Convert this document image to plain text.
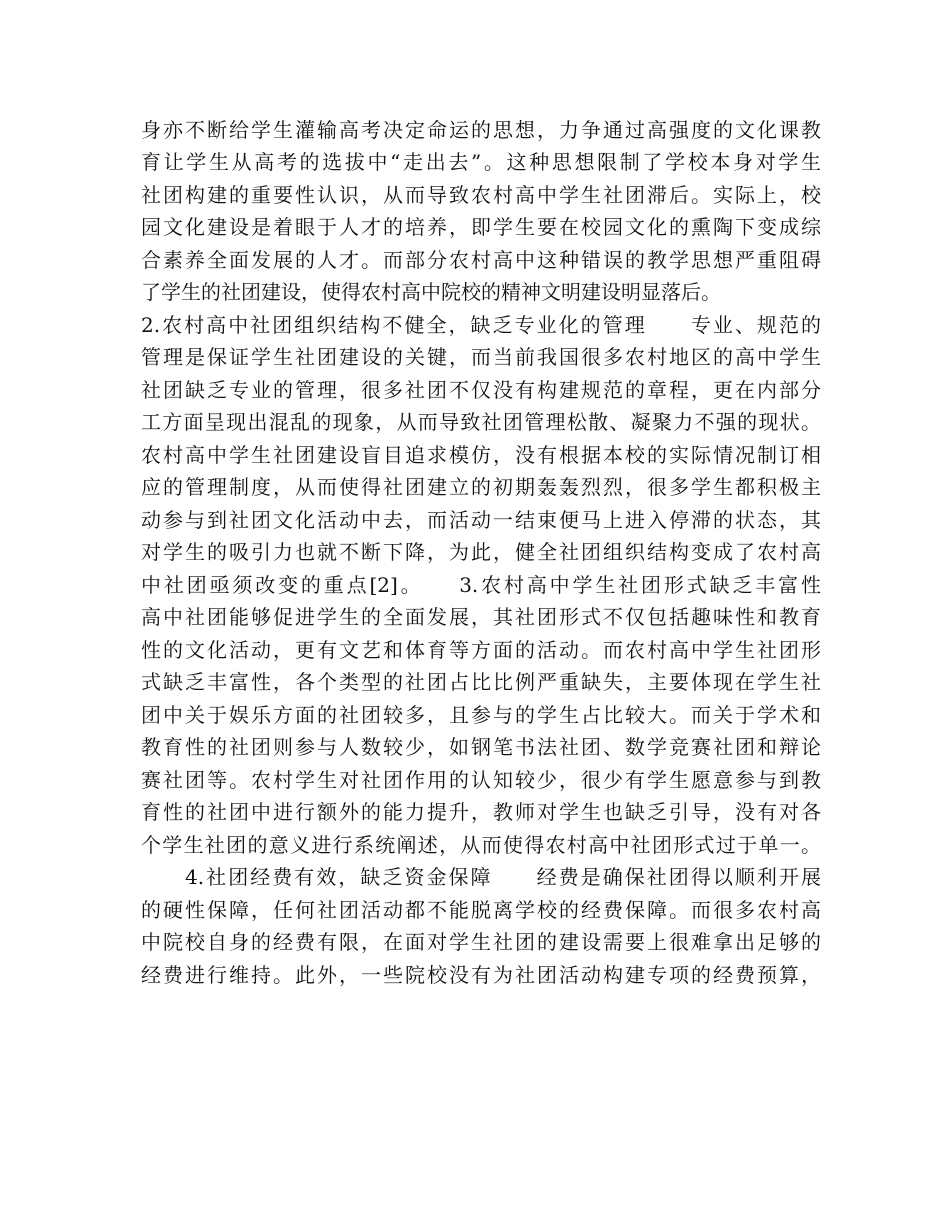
身亦不断给学生灌输高考决定命运的思想，力争通过高强度的文化课教
育让学生从高考的选拔中“走出去”。这种思想限制了学校本身对学生
社团构建的重要性认识，从而导致农村高中学生社团滞后。实际上，校
园文化建设是着眼于人才的培养，即学生要在校园文化的熏陶下变成综
合素养全面发展的人才。而部分农村高中这种错误的教学思想严重阻碍
了学生的社团建设，使得农村高中院校的精神文明建设明显落后。
2.农村高中社团组织结构不健全，缺乏专业化的管理　　专业、规范的
管理是保证学生社团建设的关键，而当前我国很多农村地区的高中学生
社团缺乏专业的管理，很多社团不仅没有构建规范的章程，更在内部分
工方面呈现出混乱的现象，从而导致社团管理松散、凝聚力不强的现状。
农村高中学生社团建设盲目追求模仿，没有根据本校的实际情况制订相
应的管理制度，从而使得社团建立的初期轰轰烈烈，很多学生都积极主
动参与到社团文化活动中去，而活动一结束便马上进入停滞的状态，其
对学生的吸引力也就不断下降，为此，健全社团组织结构变成了农村高
中社团亟须改变的重点[2]。　　3.农村高中学生社团形式缺乏丰富性
高中社团能够促进学生的全面发展，其社团形式不仅包括趣味性和教育
性的文化活动，更有文艺和体育等方面的活动。而农村高中学生社团形
式缺乏丰富性，各个类型的社团占比比例严重缺失，主要体现在学生社
团中关于娱乐方面的社团较多，且参与的学生占比较大。而关于学术和
教育性的社团则参与人数较少，如钢笔书法社团、数学竞赛社团和辩论
赛社团等。农村学生对社团作用的认知较少，很少有学生愿意参与到教
育性的社团中进行额外的能力提升，教师对学生也缺乏引导，没有对各
个学生社团的意义进行系统阐述，从而使得农村高中社团形式过于单一。
　　4.社团经费有效，缺乏资金保障　　经费是确保社团得以顺利开展
的硬性保障，任何社团活动都不能脱离学校的经费保障。而很多农村高
中院校自身的经费有限，在面对学生社团的建设需要上很难拿出足够的
经费进行维持。此外，一些院校没有为社团活动构建专项的经费预算，
